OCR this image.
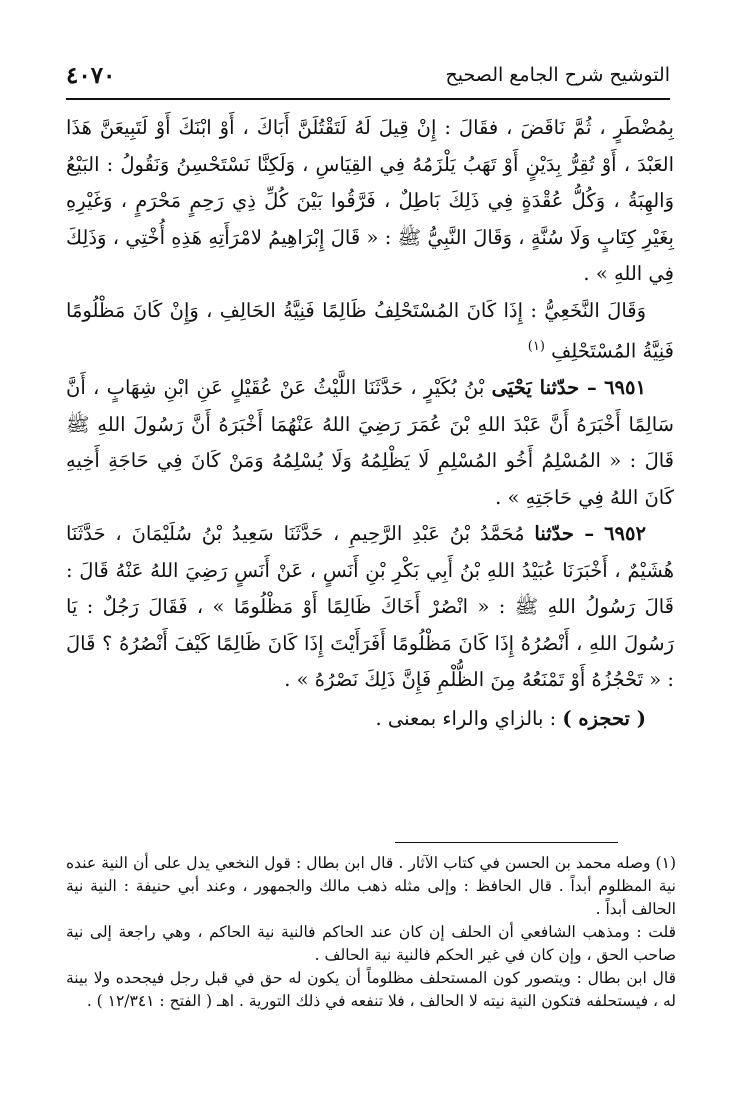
٤٠٧٠	التوشيح شرح الجامع الصحيح

بِمُضْطَرٍ ، ثُمَّ نَاقَضَ ، فقَالَ : إِنْ قِيلَ لَهُ لَتَقْتُلَنَّ أَبَاكَ ، أَوْ ابْنَكَ أَوْ لَتَبِيعَنَّ هَذَا العَبْدَ ، أَوْ تُقِرُّ بِدَيْنٍ أَوْ تَهَبُ يَلْزَمُهُ فِي القِيَاسِ ، وَلَكِنَّا نَسْتَحْسِنُ وَنَقُولُ : البَيْعُ وَالهِبَةُ ، وَكُلُّ عُقْدَةٍ فِي ذَلِكَ بَاطِلٌ ، فَرَّقُوا بَيْنَ كُلِّ ذِي رَحِمٍ مَحْرَمٍ ، وَغَيْرِهِ بِغَيْرِ كِتَابٍ وَلَا سُنَّةٍ ، وَقَالَ النَّبِيُّ ﷺ : « قَالَ إِبْرَاهِيمُ لامْرَأَتِهِ هَذِهِ أُخْتِي ، وَذَلِكَ فِي اللهِ » .

وَقَالَ النَّخَعِيُّ : إِذَا كَانَ المُسْتَحْلِفُ ظَالِمًا فَنِيَّةُ الحَالِفِ ، وَإِنْ كَانَ مَظْلُومًا فَنِيَّةُ المُسْتَحْلِفِ $^{(١)}$

٦٩٥١ – حدّثنا يَحْيَى بْنُ بُكَيْرٍ ، حَدَّثَنَا اللَّيْثُ عَنْ عُقَيْلٍ عَنِ ابْنِ شِهَابٍ ، أَنَّ سَالِمًا أَخْبَرَهُ أَنَّ عَبْدَ اللهِ بْنَ عُمَرَ رَضِيَ اللهُ عَنْهُمَا أَخْبَرَهُ أَنَّ رَسُولَ اللهِ ﷺ قَالَ : « المُسْلِمُ أَخُو المُسْلِمِ لَا يَظْلِمُهُ وَلَا يُسْلِمُهُ وَمَنْ كَانَ فِي حَاجَةِ أَخِيهِ كَانَ اللهُ فِي حَاجَتِهِ » .

٦٩٥٢ – حدّثنا مُحَمَّدُ بْنُ عَبْدِ الرَّحِيمِ ، حَدَّثَنَا سَعِيدُ بْنُ سُلَيْمَانَ ، حَدَّثَنَا هُشَيْمٌ ، أَخْبَرَنَا عُبَيْدُ اللهِ بْنُ أَبِي بَكْرِ بْنِ أَنَسٍ ، عَنْ أَنَسٍ رَضِيَ اللهُ عَنْهُ قَالَ : قَالَ رَسُولُ اللهِ ﷺ : « انْصُرْ أَخَاكَ ظَالِمًا أَوْ مَظْلُومًا » ، فَقَالَ رَجُلٌ : يَا رَسُولَ اللهِ ، أَنْصُرُهُ إِذَا كَانَ مَظْلُومًا أَفَرَأَيْتَ إِذَا كَانَ ظَالِمًا كَيْفَ أَنْصُرُهُ ؟ قَالَ : « تَحْجُزُهُ أَوْ تَمْنَعُهُ مِنَ الظُّلْمِ فَإِنَّ ذَلِكَ نَصْرُهُ » .

( تحجزه ) : بالزاي والراء بمعنى .

(١) وصله محمد بن الحسن في كتاب الآثار . قال ابن بطال : قول النخعي يدل على أن النية عنده نية المظلوم أبداً . قال الحافظ : وإلى مثله ذهب مالك والجمهور ، وعند أبي حنيفة : النية نية الحالف أبداً .

قلت : ومذهب الشافعي أن الحلف إن كان عند الحاكم فالنية نية الحاكم ، وهي راجعة إلى نية صاحب الحق ، وإن كان في غير الحكم فالنية نية الحالف .

قال ابن بطال : ويتصور كون المستحلف مظلوماً أن يكون له حق في قبل رجل فيجحده ولا بينة له ، فيستحلفه فتكون النية نيته لا الحالف ، فلا تنفعه في ذلك التورية . اهـ ( الفتح : ١٢/٣٤١ ) .
